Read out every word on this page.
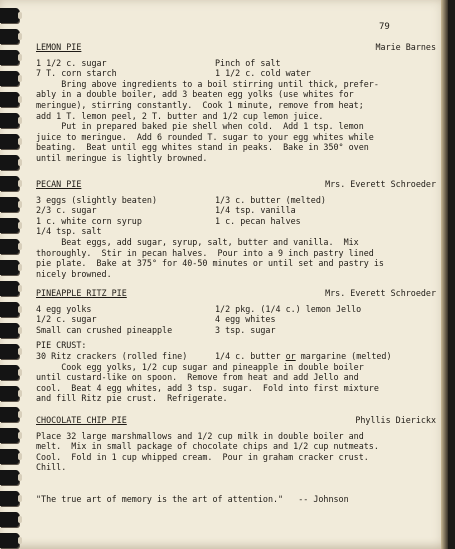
79
LEMON PIE	Marie Barnes
1 1/2 c. sugar	Pinch of salt
7 T. corn starch	1 1/2 c. cold water
Bring above ingredients to a boil stirring until thick, prefer-
ably in a double boiler, add 3 beaten egg yolks (use whites for
meringue), stirring constantly.  Cook 1 minute, remove from heat;
add 1 T. lemon peel, 2 T. butter and 1/2 cup lemon juice.
Put in prepared baked pie shell when cold.  Add 1 tsp. lemon
juice to meringue.  Add 6 rounded T. sugar to your egg whites while
beating.  Beat until egg whites stand in peaks.  Bake in 350° oven
until meringue is lightly browned.
PECAN PIE	Mrs. Everett Schroeder
3 eggs (slightly beaten)	1/3 c. butter (melted)
2/3 c. sugar	1/4 tsp. vanilla
1 c. white corn syrup	1 c. pecan halves
1/4 tsp. salt
Beat eggs, add sugar, syrup, salt, butter and vanilla.  Mix
thoroughly.  Stir in pecan halves.  Pour into a 9 inch pastry lined
pie plate.  Bake at 375° for 40-50 minutes or until set and pastry is
nicely browned.
PINEAPPLE RITZ PIE	Mrs. Everett Schroeder
4 egg yolks	1/2 pkg. (1/4 c.) lemon Jello
1/2 c. sugar	4 egg whites
Small can crushed pineapple	3 tsp. sugar
PIE CRUST:
30 Ritz crackers (rolled fine)	1/4 c. butter or margarine (melted)
Cook egg yolks, 1/2 cup sugar and pineapple in double boiler
until custard-like on spoon.  Remove from heat and add Jello and
cool.  Beat 4 egg whites, add 3 tsp. sugar.  Fold into first mixture
and fill Ritz pie crust.  Refrigerate.
CHOCOLATE CHIP PIE	Phyllis Dierickx
Place 32 large marshmallows and 1/2 cup milk in double boiler and
melt.  Mix in small package of chocolate chips and 1/2 cup nutmeats.
Cool.  Fold in 1 cup whipped cream.  Pour in graham cracker crust.
Chill.
"The true art of memory is the art of attention."   -- Johnson
